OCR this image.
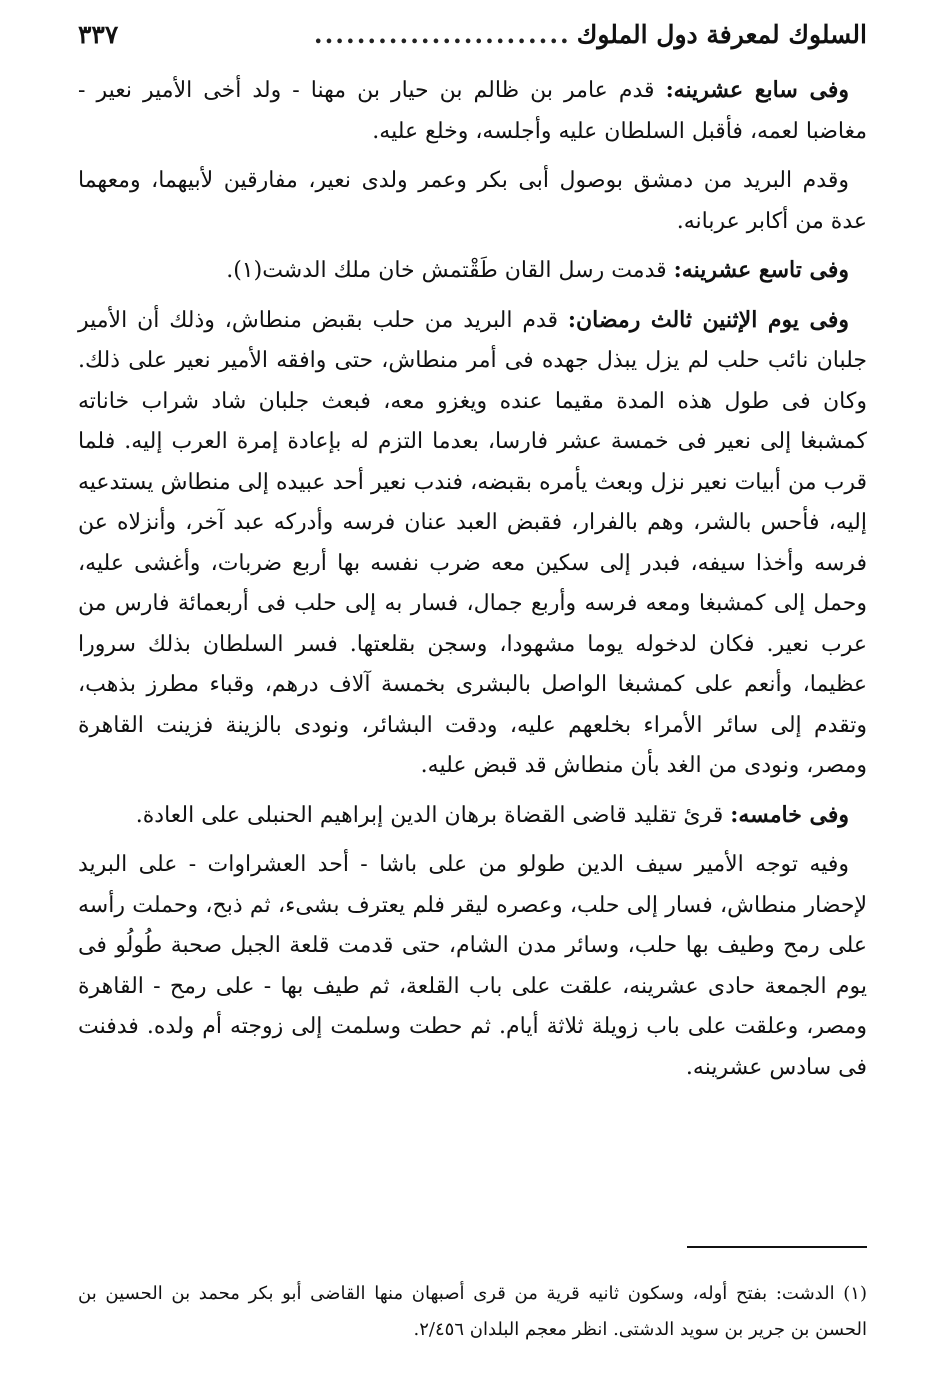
السلوك لمعرفة دول الملوك
........................
٣٣٧

وفى سابع عشرينه: قدم عامر بن ظالم بن حيار بن مهنا - ولد أخى الأمير نعير - مغاضبا لعمه، فأقبل السلطان عليه وأجلسه، وخلع عليه.

وقدم البريد من دمشق بوصول أبى بكر وعمر ولدى نعير، مفارقين لأبيهما، ومعهما عدة من أكابر عربانه.

وفى تاسع عشرينه: قدمت رسل القان طَقْتمش خان ملك الدشت(١).

وفى يوم الإثنين ثالث رمضان: قدم البريد من حلب بقبض منطاش، وذلك أن الأمير جلبان نائب حلب لم يزل يبذل جهده فى أمر منطاش، حتى وافقه الأمير نعير على ذلك. وكان فى طول هذه المدة مقيما عنده ويغزو معه، فبعث جلبان شاد شراب خاناته كمشبغا إلى نعير فى خمسة عشر فارسا، بعدما التزم له بإعادة إمرة العرب إليه. فلما قرب من أبيات نعير نزل وبعث يأمره بقبضه، فندب نعير أحد عبيده إلى منطاش يستدعيه إليه، فأحس بالشر، وهم بالفرار، فقبض العبد عنان فرسه وأدركه عبد آخر، وأنزلاه عن فرسه وأخذا سيفه، فبدر إلى سكين معه ضرب نفسه بها أربع ضربات، وأغشى عليه، وحمل إلى كمشبغا ومعه فرسه وأربع جمال، فسار به إلى حلب فى أربعمائة فارس من عرب نعير. فكان لدخوله يوما مشهودا، وسجن بقلعتها. فسر السلطان بذلك سرورا عظيما، وأنعم على كمشبغا الواصل بالبشرى بخمسة آلاف درهم، وقباء مطرز بذهب، وتقدم إلى سائر الأمراء بخلعهم عليه، ودقت البشائر، ونودى بالزينة فزينت القاهرة ومصر، ونودى من الغد بأن منطاش قد قبض عليه.

وفى خامسه: قرئ تقليد قاضى القضاة برهان الدين إبراهيم الحنبلى على العادة.

وفيه توجه الأمير سيف الدين طولو من على باشا - أحد العشراوات - على البريد لإحضار منطاش، فسار إلى حلب، وعصره ليقر فلم يعترف بشىء، ثم ذبح، وحملت رأسه على رمح وطيف بها حلب، وسائر مدن الشام، حتى قدمت قلعة الجبل صحبة طُولُو فى يوم الجمعة حادى عشرينه، علقت على باب القلعة، ثم طيف بها - على رمح - القاهرة ومصر، وعلقت على باب زويلة ثلاثة أيام. ثم حطت وسلمت إلى زوجته أم ولده. فدفنت فى سادس عشرينه.

(١) الدشت: بفتح أوله، وسكون ثانيه قرية من قرى أصبهان منها القاضى أبو بكر محمد بن الحسين بن الحسن بن جرير بن سويد الدشتى. انظر معجم البلدان ٢/٤٥٦.
